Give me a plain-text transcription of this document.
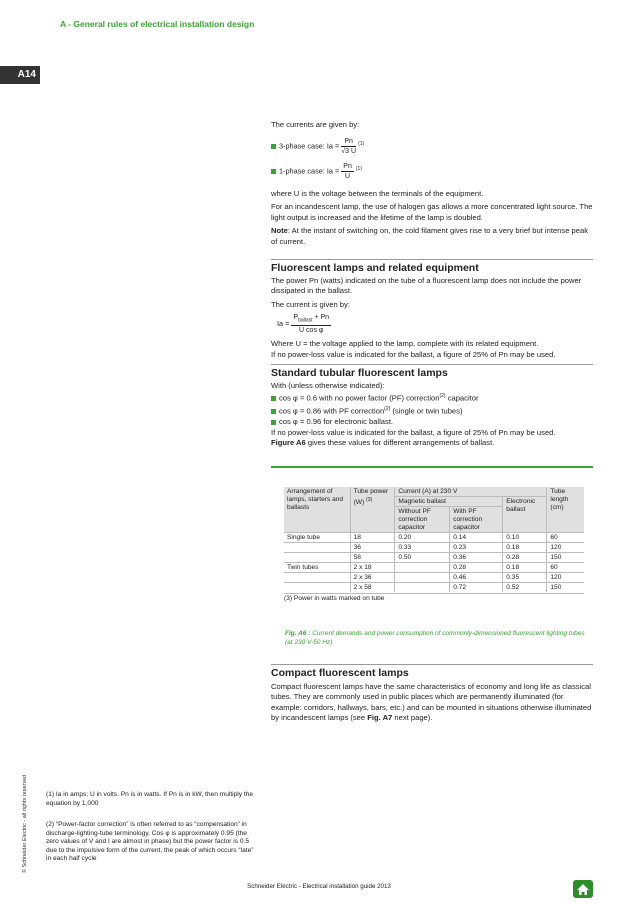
A - General rules of electrical installation design
A14
© Schneider Electric - all rights reserved

The currents are given by:

3-phase case: $Ia = \frac{Pn}{√3 U} ^{(1)}$
1-phase case: $Ia = \frac{Pn}{U} ^{(1)}$

where U is the voltage between the terminals of the equipment.

For an incandescent lamp, the use of halogen gas allows a more concentrated light source. The light output is increased and the lifetime of the lamp is doubled.

Note: At the instant of switching on, the cold filament gives rise to a very brief but intense peak of current.

Fluorescent lamps and related equipment

The power Pn (watts) indicated on the tube of a fluorescent lamp does not include the power dissipated in the ballast.

The current is given by:

$Ia = \frac{P_{ballast} + Pn}{\text{U cos φ}}$

Where U = the voltage applied to the lamp, complete with its related equipment.

If no power-loss value is indicated for the ballast, a figure of 25% of Pn may be used.

Standard tubular fluorescent lamps

With (unless otherwise indicated):

cos φ = 0.6 with no power factor (PF) correction$^{(2)}$ capacitor
cos φ = 0.86 with PF correction$^{(2)}$ (single or twin tubes)
cos φ = 0.96 for electronic ballast.

If no power-loss value is indicated for the ballast, a figure of 25% of Pn may be used.

Figure A6 gives these values for different arrangements of ballast.

Arrangement of lamps, starters and ballasts	Tube power (W) $^{(3)}$	Current (A) at 230 V			Tube length (cm)
		Magnetic ballast		Electronic ballast	
		Without PF correction capacitor	With PF correction capacitor		
Single tube	18	0.20	0.14	0.10	60
	36	0.33	0.23	0.18	120
	58	0.50	0.36	0.28	150
Twin tubes	2 x 18		0.28	0.18	60
	2 x 36		0.46	0.35	120
	2 x 58		0.72	0.52	150
(3) Power in watts marked on tube
Fig. A6 : Current demands and power consumption of commonly-dimensioned fluorescent lighting tubes (at 230 V-50 Hz)

Compact fluorescent lamps

Compact fluorescent lamps have the same characteristics of economy and long life as classical tubes. They are commonly used in public places which are permanently illuminated (for example: corridors, hallways, bars, etc.) and can be mounted in situations otherwise illuminated by incandescent lamps (see Fig. A7 next page).

(1) Ia in amps; U in volts. Pn is in watts. If Pn is in kW, then multiply the equation by 1,000
(2) “Power-factor correction” is often referred to as “compensation” in discharge-lighting-tube terminology. Cos φ is approximately 0.95 (the zero values of V and I are almost in phase) but the power factor is 0.5 due to the impulsive form of the current, the peak of which occurs “late” in each half cycle
Schneider Electric - Electrical installation guide 2013
